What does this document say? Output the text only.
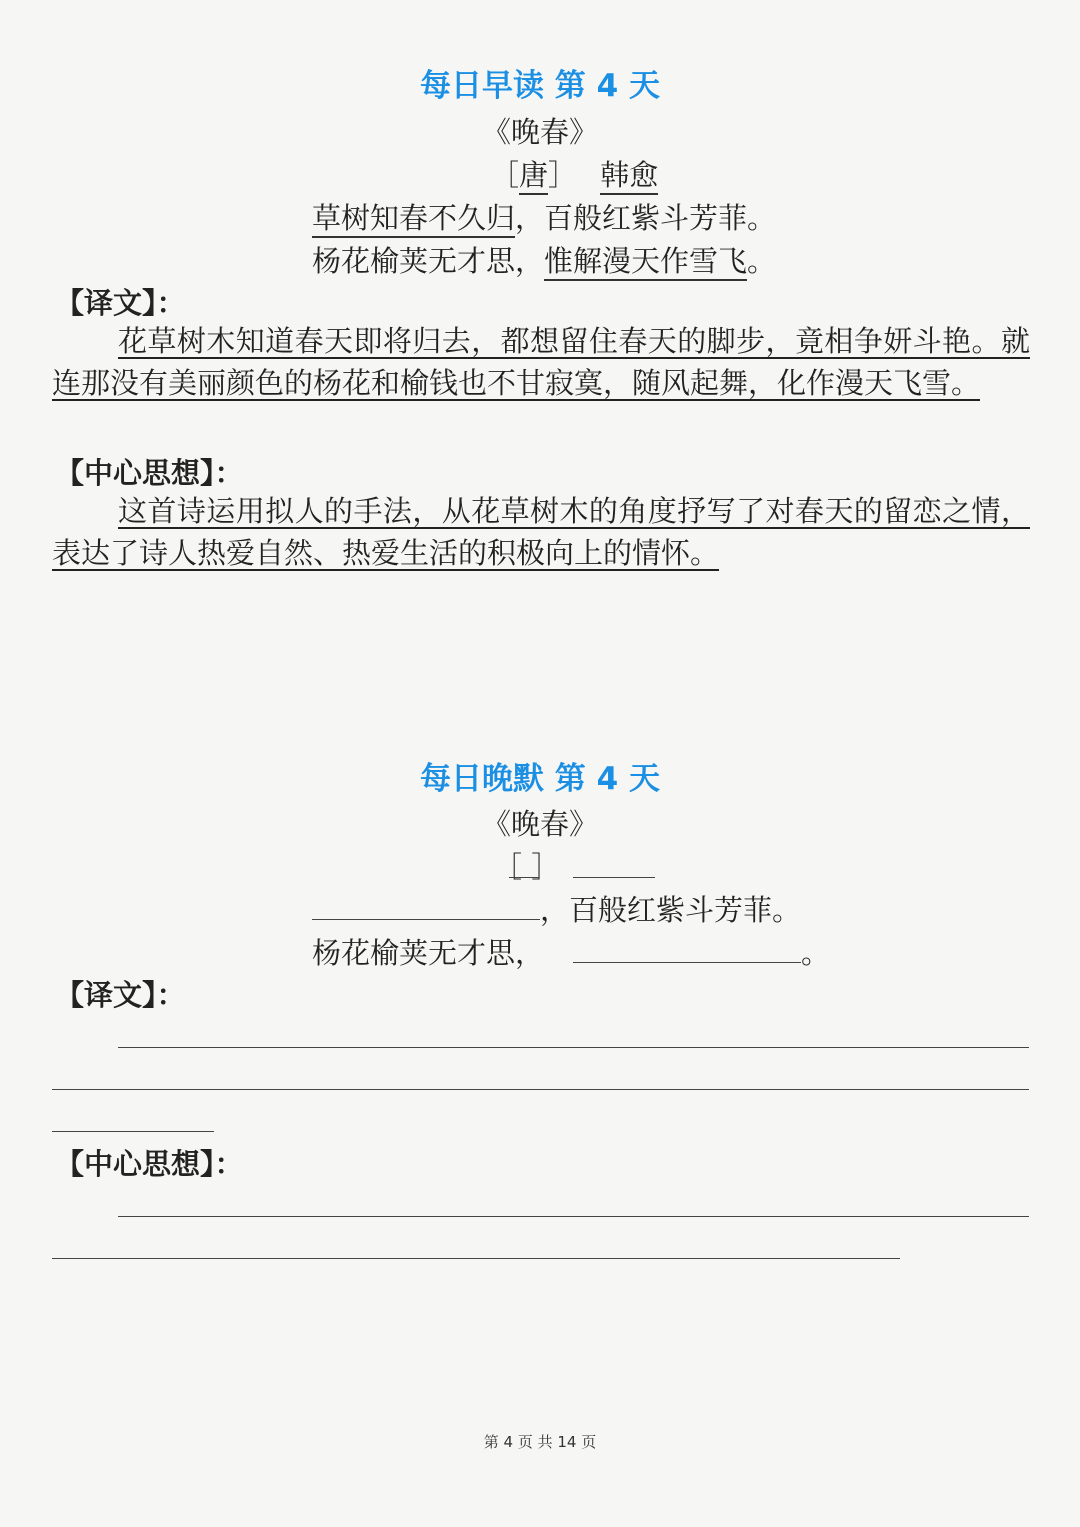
每日早读 第 4 天
《晚春》
［唐］ 韩愈
草树知春不久归，百般红紫斗芳菲。
杨花榆荚无才思，惟解漫天作雪飞。
【译文】：
花草树木知道春天即将归去，都想留住春天的脚步，竟相争妍斗艳。就连那没有美丽颜色的杨花和榆钱也不甘寂寞，随风起舞，化作漫天飞雪。
【中心思想】：
这首诗运用拟人的手法，从花草树木的角度抒写了对春天的留恋之情，表达了诗人热爱自然、热爱生活的积极向上的情怀。
每日晚默 第 4 天
《晚春》
［ ］
，百般红紫斗芳菲。
杨花榆荚无才思，	。
【译文】：
【中心思想】：
第 4 页 共 14 页
